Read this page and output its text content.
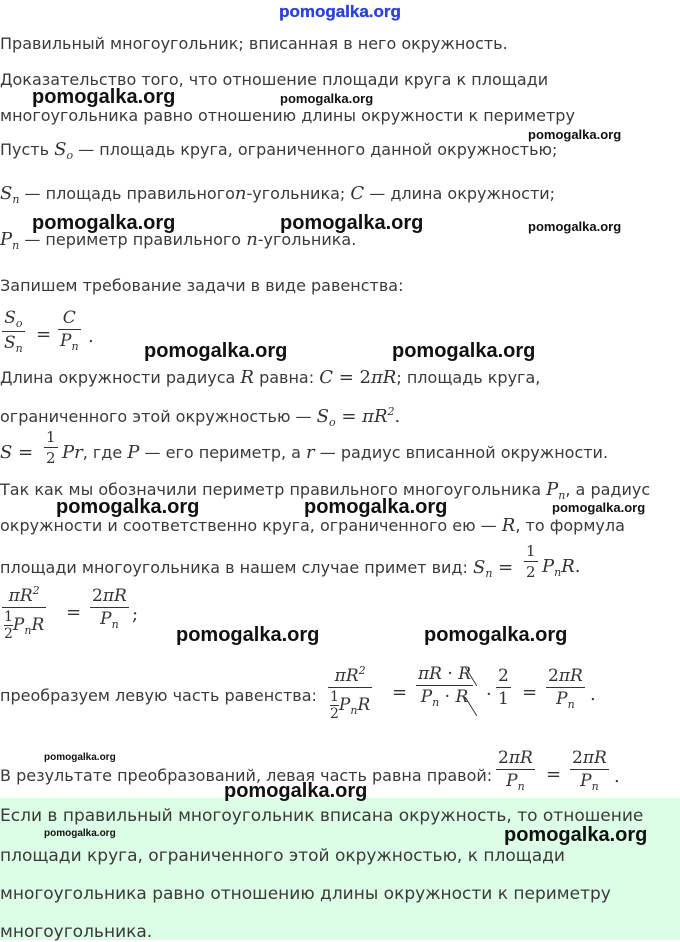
pomogalka.org
Правильный многоугольник; вписанная в него окружность.
Доказательство того, что отношение площади круга к площади
многоугольника равно отношению длины окружности к периметру
Пусть $S_o$ — площадь круга, ограниченного данной окружностью;
$S_n$ — площадь правильногоn-угольника; C — длина окружности;
$P_n$ — периметр правильного n-угольника.
Запишем требование задачи в виде равенства:
$S_o$
$S_n$
=
C
$P_n$ .
Длина окружности радиуса R равна: C = 2πR; площадь круга,
ограниченного этой окружностью — $S_o = \pi R^2$.
S =
1
2 Pr, где P — его периметр, а r — радиус вписанной окружности.
Так как мы обозначили периметр правильного многоугольника $P_n$, а радиус
окружности и соответственно круга, ограниченного ею — R, то формула
площади многоугольника в нашем случае примет вид: $S_n$ =
1
2 $P_nR$.
$\pi R^2$
$\frac{1}{2} P_nR$
=
2πR
$P_n$ ;
преобразуем левую часть равенства:
$\pi R^2$
$\frac{1}{2} P_nR$
=
πR · R
$P_n \cdot R$ ·
2
1 =
2πR
$P_n$ .
В результате преобразований, левая часть равна правой:
2πR
$P_n$
=
2πR
$P_n$ .
Если в правильный многоугольник вписана окружность, то отношение
площади круга, ограниченного этой окружностью, к площади
многоугольника равно отношению длины окружности к периметру
многоугольника.
pomogalka.org	pomogalka.org
pomogalka.org
pomogalka.org	pomogalka.org	pomogalka.org
pomogalka.org	pomogalka.org
pomogalka.org	pomogalka.org	pomogalka.org
pomogalka.org	pomogalka.org
pomogalka.org
pomogalka.org
pomogalka.org	pomogalka.org
